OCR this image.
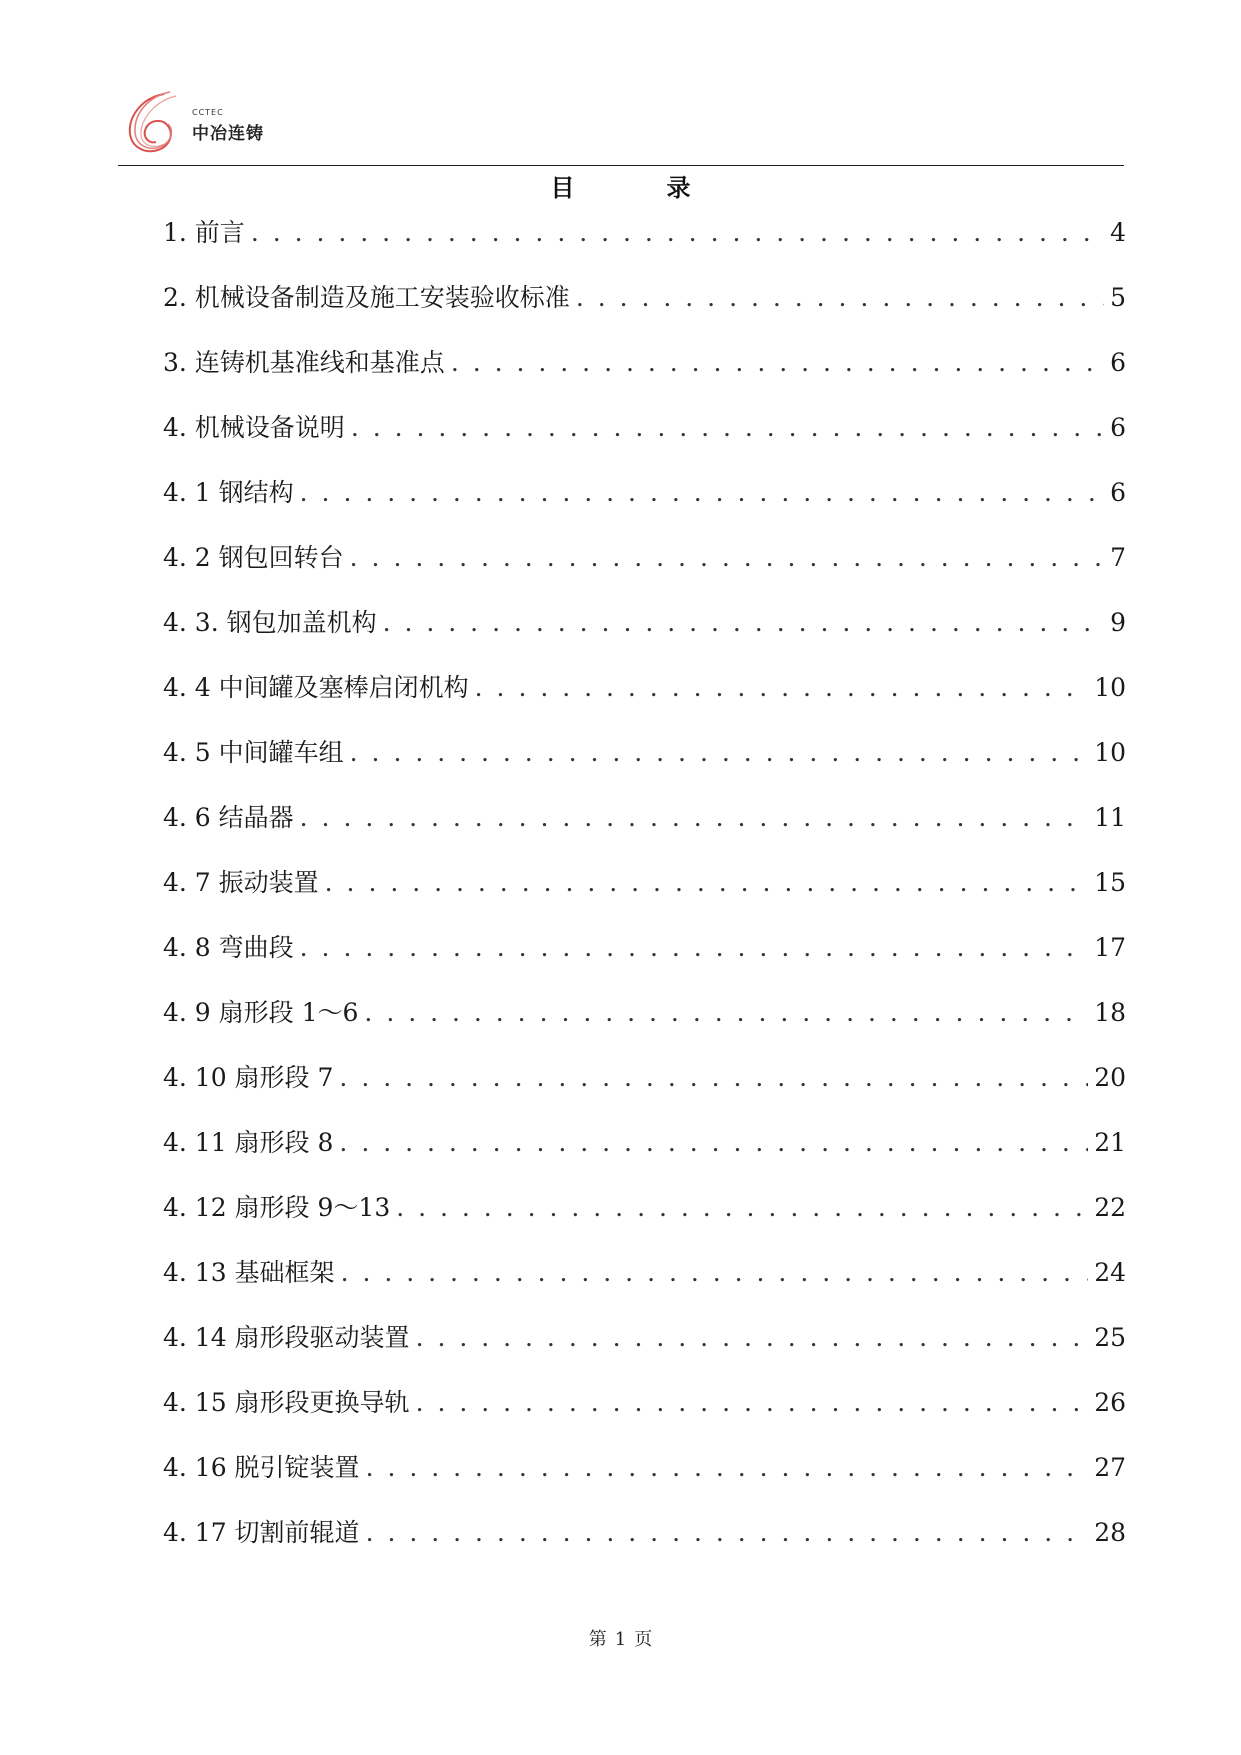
CCTEC
中冶连铸
目	录
1. 前言 . . .	4
2. 机械设备制造及施工安装验收标准 . . .	5
3. 连铸机基准线和基准点 . . .	6
4. 机械设备说明 . . .	6
4. 1 钢结构 . . .	6
4. 2 钢包回转台 . . .	7
4. 3. 钢包加盖机构 . . .	9
4. 4 中间罐及塞棒启闭机构 . . .	10
4. 5 中间罐车组 . . .	10
4. 6 结晶器 . . .	11
4. 7 振动装置 . . .	15
4. 8 弯曲段 . . .	17
4. 9 扇形段 1～6 . . .	18
4. 10 扇形段 7 . . .	20
4. 11 扇形段 8 . . .	21
4. 12 扇形段 9～13 . . .	22
4. 13 基础框架 . . .	24
4. 14 扇形段驱动装置 . . .	25
4. 15 扇形段更换导轨 . . .	26
4. 16 脱引锭装置 . . .	27
4. 17 切割前辊道 . . .	28
第 1 页
